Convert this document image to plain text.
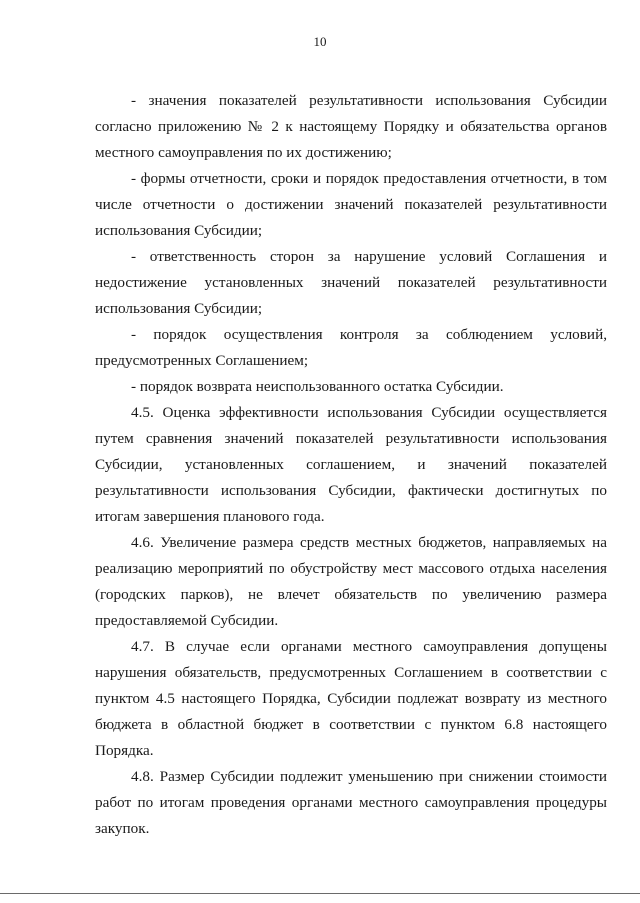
10

- значения показателей результативности использования Субсидии согласно приложению № 2 к настоящему Порядку и обязательства органов местного самоуправления по их достижению;

- формы отчетности, сроки и порядок предоставления отчетности, в том числе отчетности о достижении значений показателей результативности использования Субсидии;

- ответственность сторон за нарушение условий Соглашения и недостижение установленных значений показателей результативности использования Субсидии;

- порядок осуществления контроля за соблюдением условий, предусмотренных Соглашением;

- порядок возврата неиспользованного остатка Субсидии.

4.5. Оценка эффективности использования Субсидии осуществляется путем сравнения значений показателей результативности использования Субсидии, установленных соглашением, и значений показателей результативности использования Субсидии, фактически достигнутых по итогам завершения планового года.

4.6. Увеличение размера средств местных бюджетов, направляемых на реализацию мероприятий по обустройству мест массового отдыха населения (городских парков), не влечет обязательств по увеличению размера предоставляемой Субсидии.

4.7. В случае если органами местного самоуправления допущены нарушения обязательств, предусмотренных Соглашением в соответствии с пунктом 4.5 настоящего Порядка, Субсидии подлежат возврату из местного бюджета в областной бюджет в соответствии с пунктом 6.8 настоящего Порядка.

4.8. Размер Субсидии подлежит уменьшению при снижении стоимости работ по итогам проведения органами местного самоуправления процедуры закупок.
